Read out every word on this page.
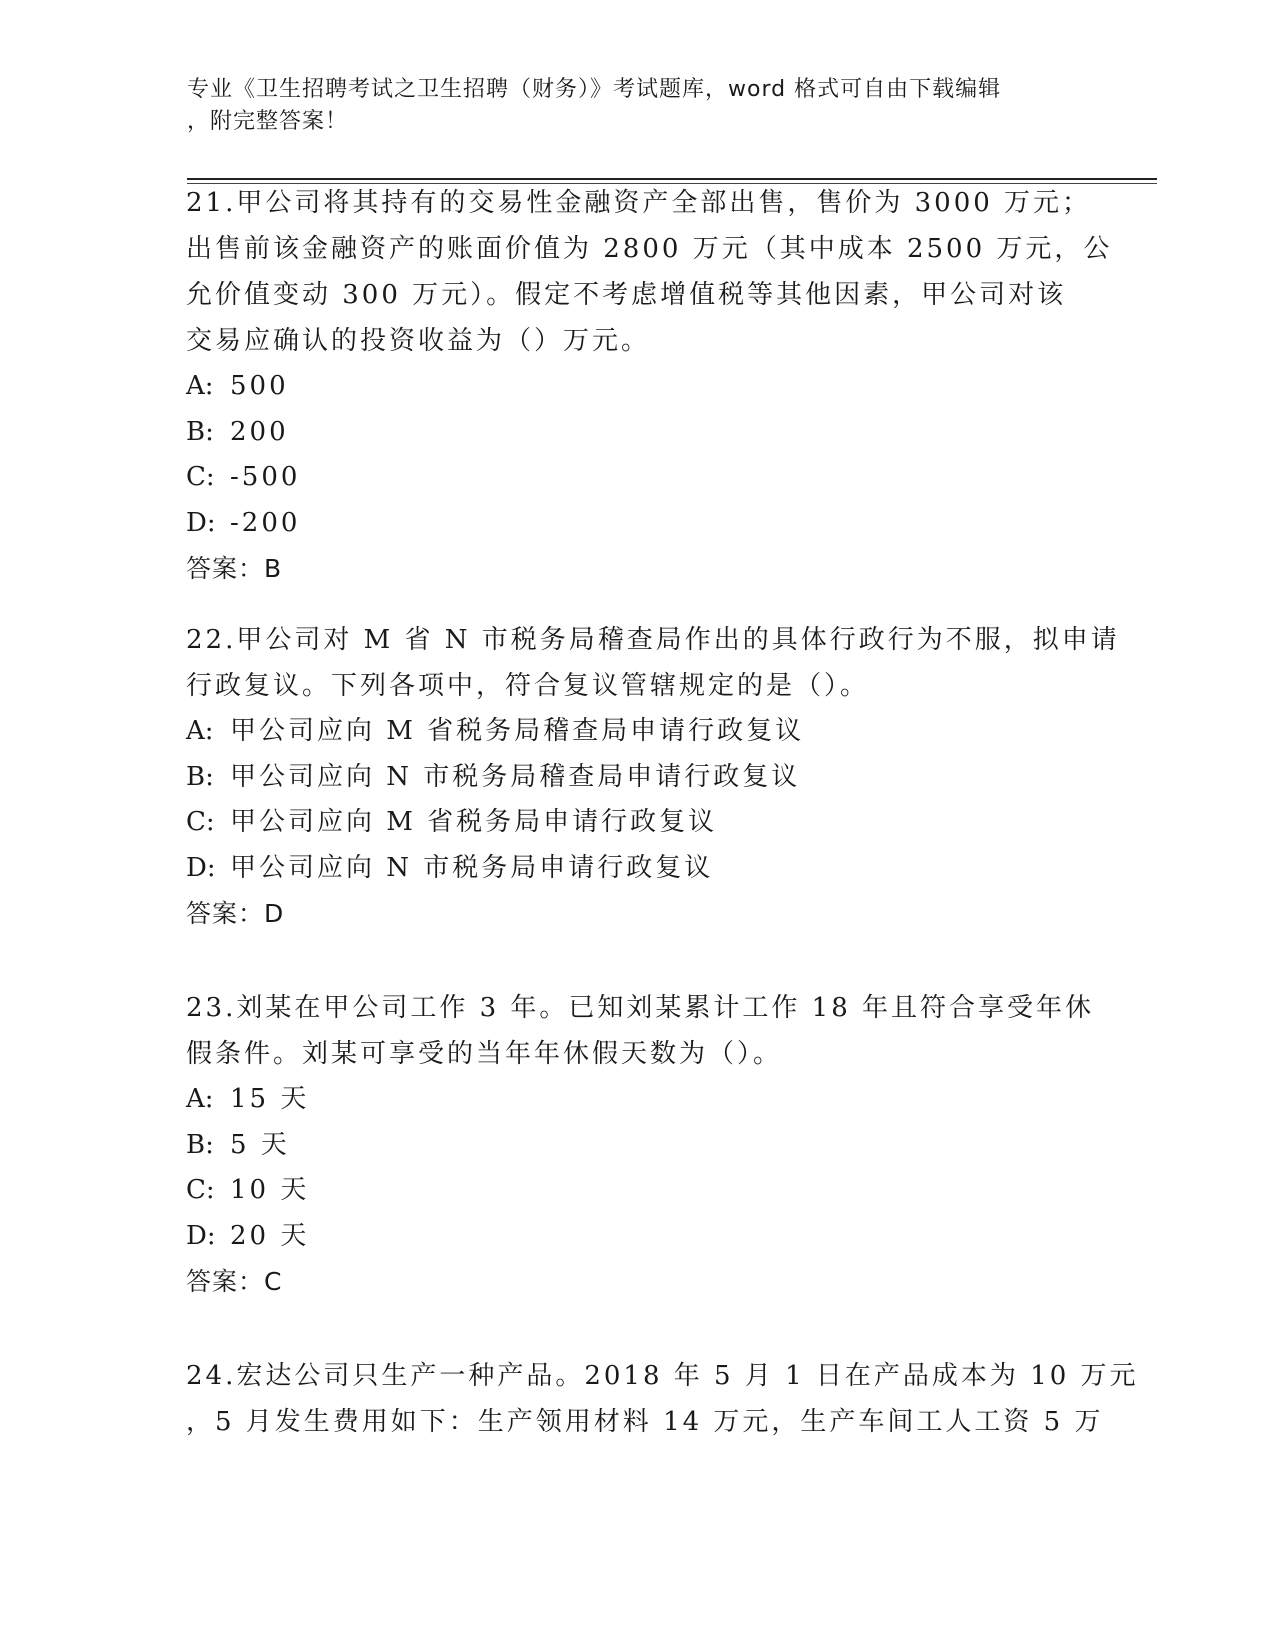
专业《卫生招聘考试之卫生招聘（财务）》考试题库，word 格式可自由下载编辑
，附完整答案！
21.甲公司将其持有的交易性金融资产全部出售，售价为 3000 万元；
出售前该金融资产的账面价值为 2800 万元（其中成本 2500 万元，公
允价值变动 300 万元）。假定不考虑增值税等其他因素，甲公司对该
交易应确认的投资收益为（）万元。
A: 500
B: 200
C: -500
D: -200
答案：B
22.甲公司对 M 省 N 市税务局稽查局作出的具体行政行为不服，拟申请
行政复议。下列各项中，符合复议管辖规定的是（）。
A: 甲公司应向 M 省税务局稽查局申请行政复议
B: 甲公司应向 N 市税务局稽查局申请行政复议
C: 甲公司应向 M 省税务局申请行政复议
D: 甲公司应向 N 市税务局申请行政复议
答案：D
23.刘某在甲公司工作 3 年。已知刘某累计工作 18 年且符合享受年休
假条件。刘某可享受的当年年休假天数为（）。
A: 15 天
B: 5 天
C: 10 天
D: 20 天
答案：C
24.宏达公司只生产一种产品。2018 年 5 月 1 日在产品成本为 10 万元
，5 月发生费用如下：生产领用材料 14 万元，生产车间工人工资 5 万
